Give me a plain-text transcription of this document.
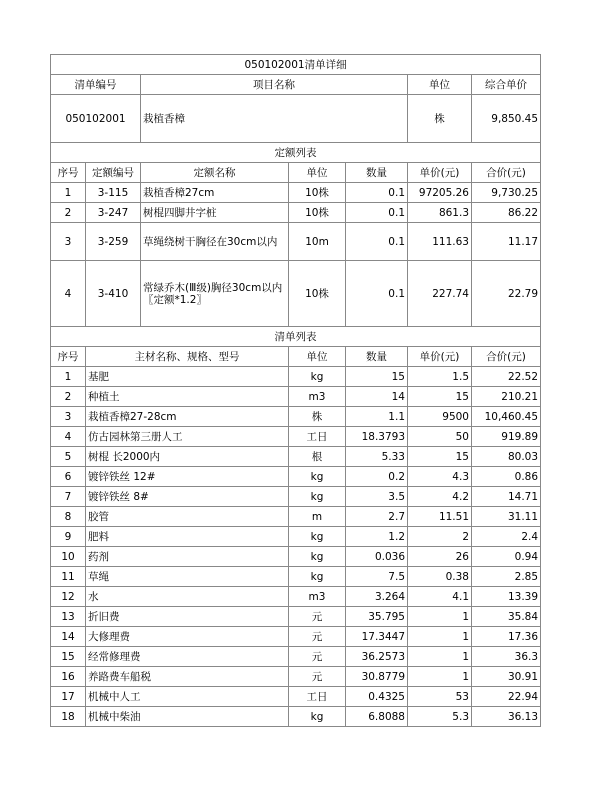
050102001清单详细						
清单编号		项目名称			单位	综合单价
050102001		栽植香樟			株	9,850.45
定额列表						
序号	定额编号	定额名称	单位	数量	单价(元)	合价(元)
1	3-115	栽植香樟27cm	10株	0.1	97205.26	9,730.25
2	3-247	树棍四脚井字桩	10株	0.1	861.3	86.22
3	3-259	草绳绕树干胸径在30cm以内	10m	0.1	111.63	11.17
4	3-410	常绿乔木(Ⅲ级)胸径30cm以内〖定额*1.2〗	10株	0.1	227.74	22.79
清单列表						
序号	主材名称、规格、型号		单位	数量	单价(元)	合价(元)
1	基肥		kg	15	1.5	22.52
2	种植土		m3	14	15	210.21
3	栽植香樟27-28cm		株	1.1	9500	10,460.45
4	仿古园林第三册人工		工日	18.3793	50	919.89
5	树棍 长2000内		根	5.33	15	80.03
6	镀锌铁丝 12#		kg	0.2	4.3	0.86
7	镀锌铁丝 8#		kg	3.5	4.2	14.71
8	胶管		m	2.7	11.51	31.11
9	肥料		kg	1.2	2	2.4
10	药剂		kg	0.036	26	0.94
11	草绳		kg	7.5	0.38	2.85
12	水		m3	3.264	4.1	13.39
13	折旧费		元	35.795	1	35.84
14	大修理费		元	17.3447	1	17.36
15	经常修理费		元	36.2573	1	36.3
16	养路费车船税		元	30.8779	1	30.91
17	机械中人工		工日	0.4325	53	22.94
18	机械中柴油		kg	6.8088	5.3	36.13
